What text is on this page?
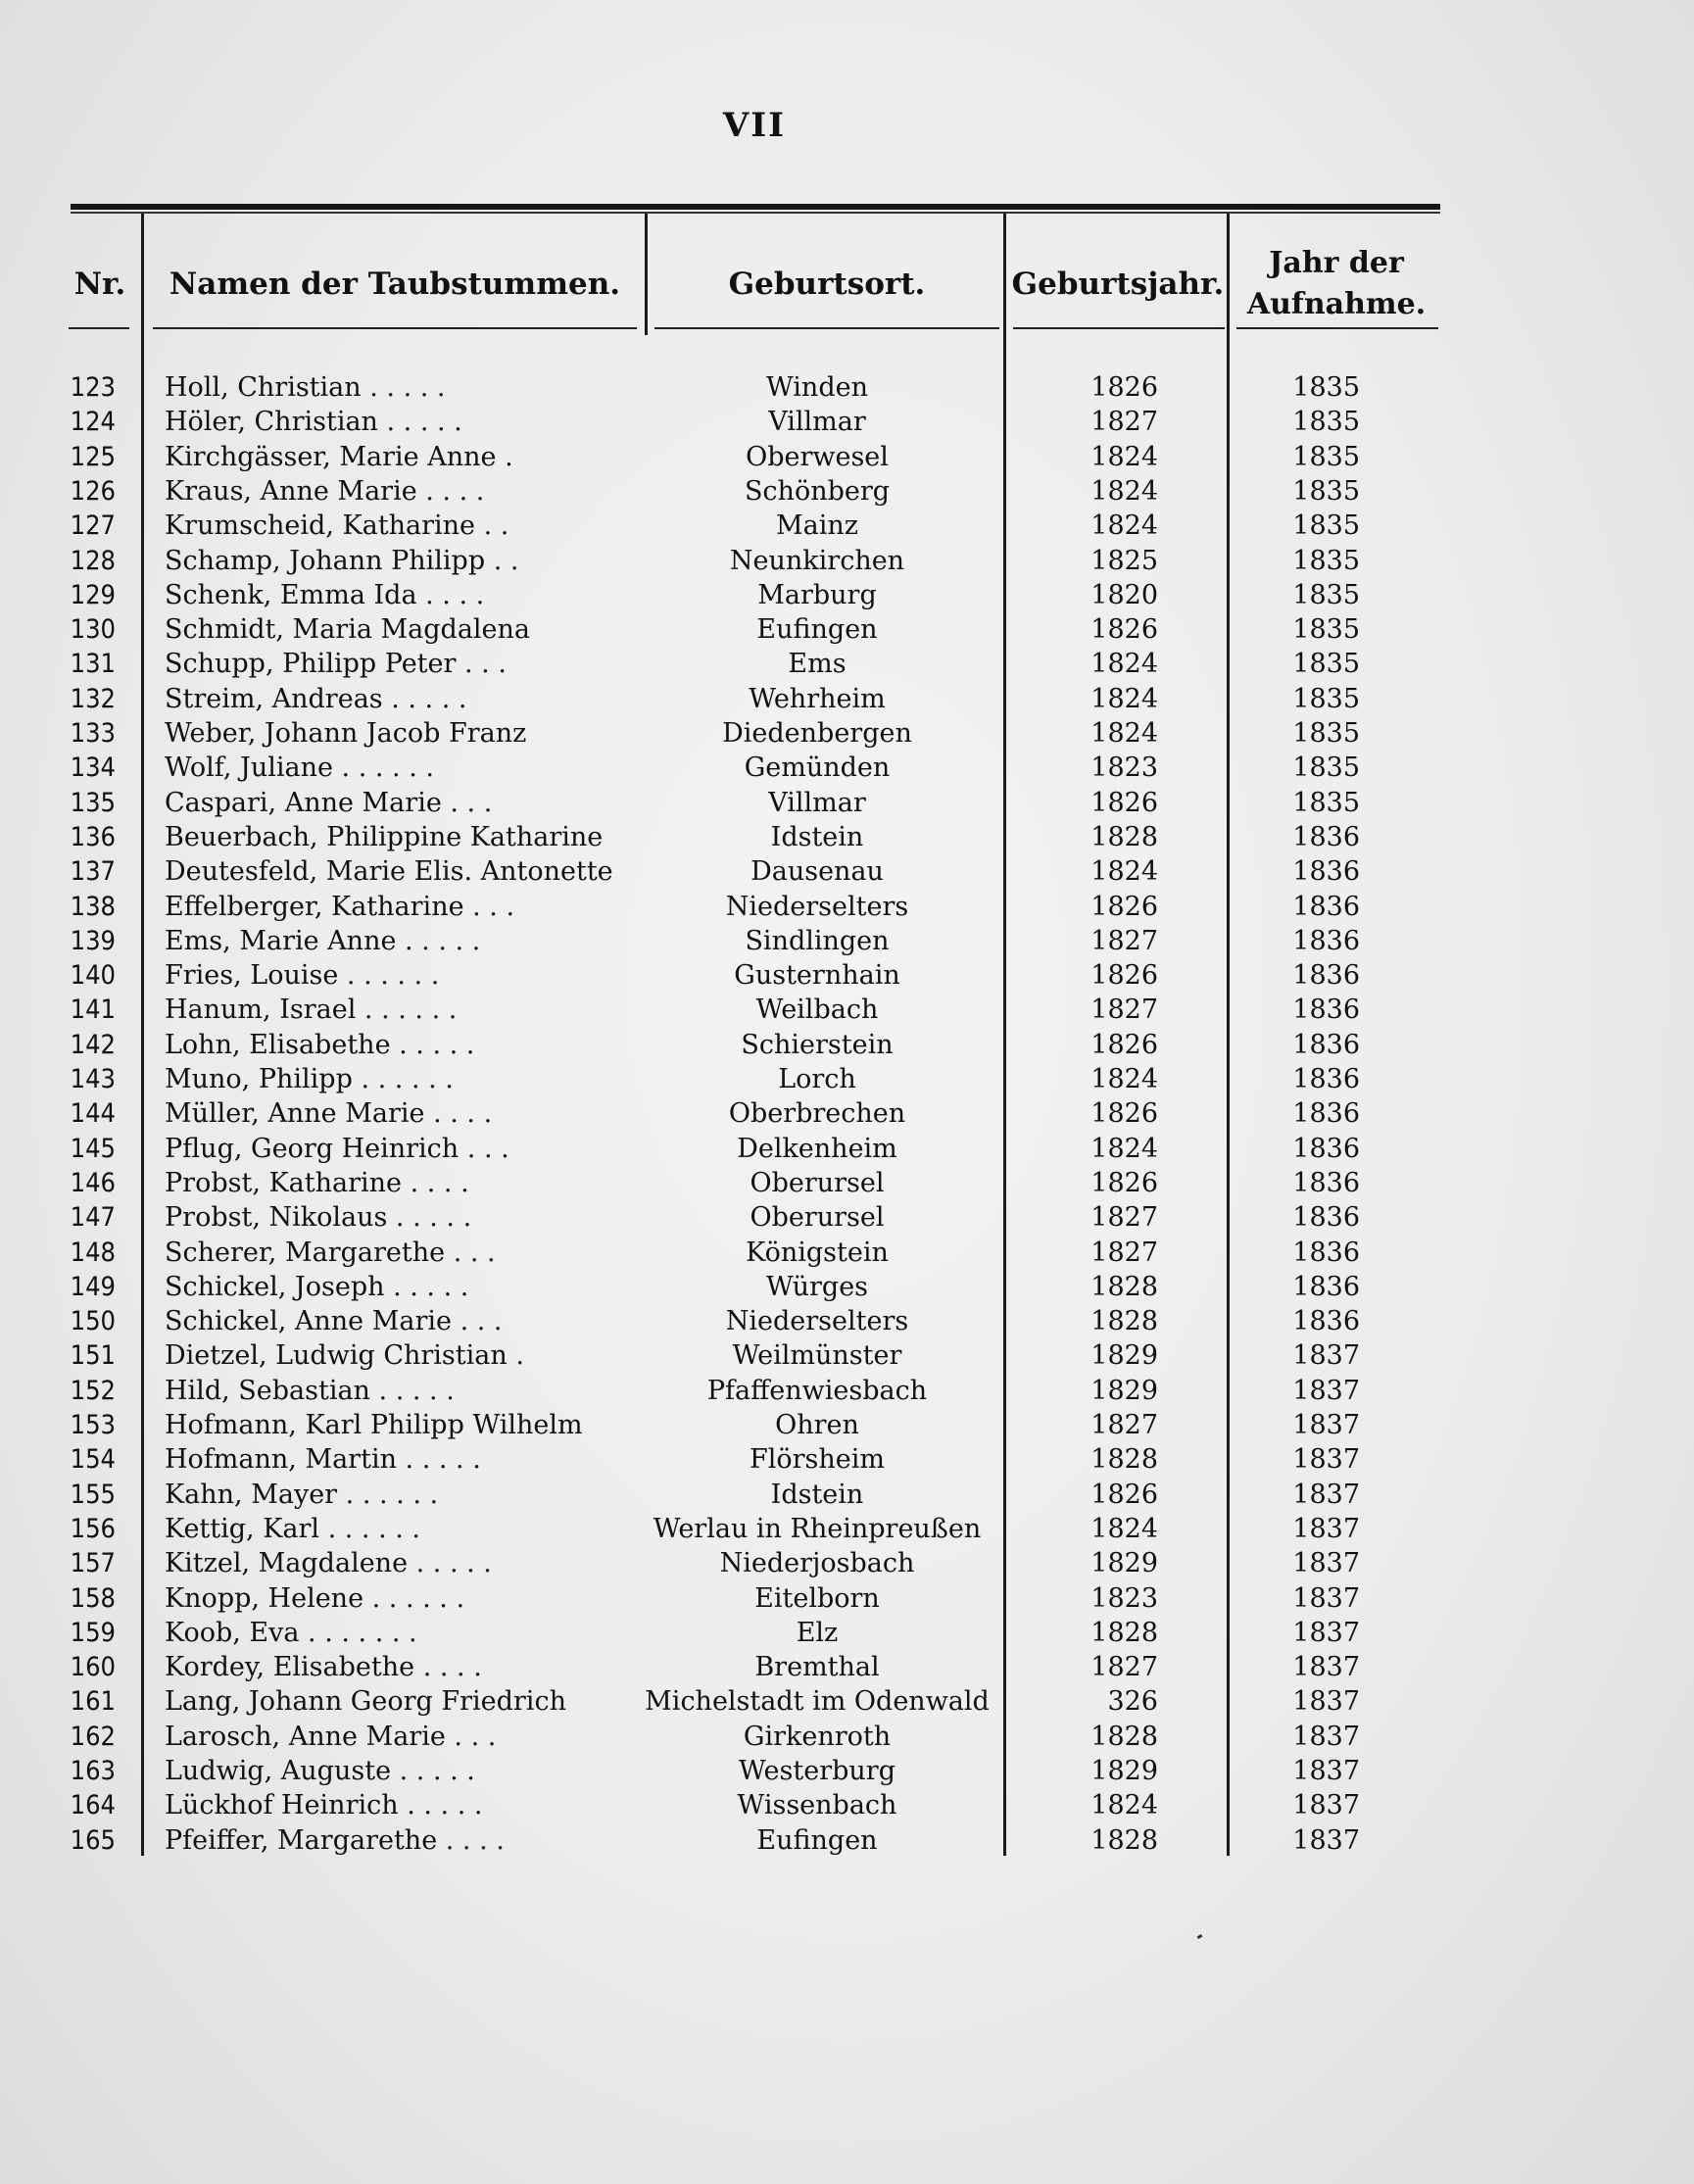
VII
Nr.	Namen der Taubstummen.	Geburtsort.	Geburtsjahr.
Jahr der
Aufnahme.
123 Holl, Christian . . . . .	Winden	1826	1835
124 Höler, Christian . . . . .	Villmar	1827	1835
125 Kirchgässer, Marie Anne .	Oberwesel	1824	1835
126 Kraus, Anne Marie . . . .	Schönberg	1824	1835
127 Krumscheid, Katharine . .	Mainz	1824	1835
128 Schamp, Johann Philipp . .	Neunkirchen	1825	1835
129 Schenk, Emma Ida . . . .	Marburg	1820	1835
130 Schmidt, Maria Magdalena	Eufingen	1826	1835
131 Schupp, Philipp Peter . . .	Ems	1824	1835
132 Streim, Andreas . . . . .	Wehrheim	1824	1835
133 Weber, Johann Jacob Franz	Diedenbergen	1824	1835
134 Wolf, Juliane . . . . . .	Gemünden	1823	1835
135 Caspari, Anne Marie . . .	Villmar	1826	1835
136 Beuerbach, Philippine Katharine	Idstein	1828	1836
137 Deutesfeld, Marie Elis. Antonette	Dausenau	1824	1836
138 Effelberger, Katharine . . .	Niederselters	1826	1836
139 Ems, Marie Anne . . . . .	Sindlingen	1827	1836
140 Fries, Louise . . . . . .	Gusternhain	1826	1836
141 Hanum, Israel . . . . . .	Weilbach	1827	1836
142 Lohn, Elisabethe . . . . .	Schierstein	1826	1836
143 Muno, Philipp . . . . . .	Lorch	1824	1836
144 Müller, Anne Marie . . . .	Oberbrechen	1826	1836
145 Pflug, Georg Heinrich . . .	Delkenheim	1824	1836
146 Probst, Katharine . . . .	Oberursel	1826	1836
147 Probst, Nikolaus . . . . .	Oberursel	1827	1836
148 Scherer, Margarethe . . .	Königstein	1827	1836
149 Schickel, Joseph . . . . .	Würges	1828	1836
150 Schickel, Anne Marie . . .	Niederselters	1828	1836
151 Dietzel, Ludwig Christian .	Weilmünster	1829	1837
152 Hild, Sebastian . . . . .	Pfaffenwiesbach	1829	1837
153 Hofmann, Karl Philipp Wilhelm	Ohren	1827	1837
154 Hofmann, Martin . . . . .	Flörsheim	1828	1837
155 Kahn, Mayer . . . . . .	Idstein	1826	1837
156 Kettig, Karl . . . . . .	Werlau in Rheinpreußen	1824	1837
157 Kitzel, Magdalene . . . . .	Niederjosbach	1829	1837
158 Knopp, Helene . . . . . .	Eitelborn	1823	1837
159 Koob, Eva . . . . . . .	Elz	1828	1837
160 Kordey, Elisabethe . . . .	Bremthal	1827	1837
161 Lang, Johann Georg Friedrich	Michelstadt im Odenwald	326	1837
162 Larosch, Anne Marie . . .	Girkenroth	1828	1837
163 Ludwig, Auguste . . . . .	Westerburg	1829	1837
164 Lückhof Heinrich . . . . .	Wissenbach	1824	1837
165 Pfeiffer, Margarethe . . . .	Eufingen	1828	1837
